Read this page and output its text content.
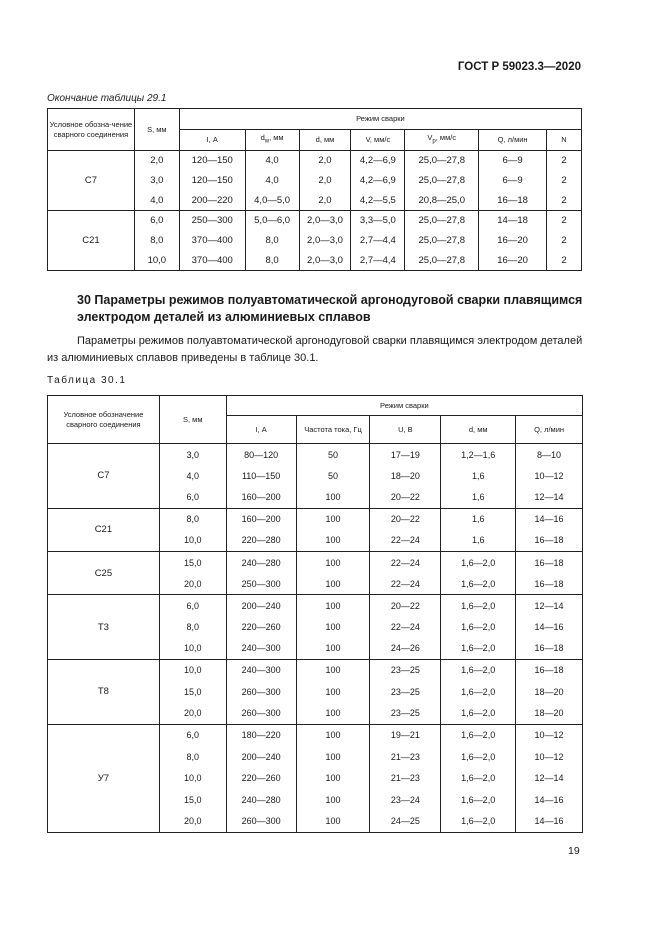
ГОСТ Р 59023.3—2020
Окончание таблицы 29.1
Условное обозна-чение сварного соединения	S, мм	Режим сварки						
		I, А	$d_w$, мм	d, мм	V, мм/с	$V_p$, мм/с	Q, л/мин	N
С7	2,0	120—150	4,0	2,0	4,2—6,9	25,0—27,8	6—9	2
	3,0	120—150	4,0	2,0	4,2—6,9	25,0—27,8	6—9	2
	4,0	200—220	4,0—5,0	2,0	4,2—5,5	20,8—25,0	16—18	2
С21	6,0	250—300	5,0—6,0	2,0—3,0	3,3—5,0	25,0—27,8	14—18	2
	8,0	370—400	8,0	2,0—3,0	2,7—4,4	25,0—27,8	16—20	2
	10,0	370—400	8,0	2,0—3,0	2,7—4,4	25,0—27,8	16—20	2
30 Параметры режимов полуавтоматической аргонодуговой сварки плавящимся электродом деталей из алюминиевых сплавов
Параметры режимов полуавтоматической аргонодуговой сварки плавящимся электродом деталей из алюминиевых сплавов приведены в таблице 30.1.
Таблица 30.1
Условное обозначение сварного соединения	S, мм	Режим сварки				
		I, А	Частота тока, Гц	U, В	d, мм	Q, л/мин
С7	3,0	80—120	50	17—19	1,2—1,6	8—10
	4,0	110—150	50	18—20	1,6	10—12
	6,0	160—200	100	20—22	1,6	12—14
С21	8,0	160—200	100	20—22	1,6	14—16
	10,0	220—280	100	22—24	1,6	16—18
С25	15,0	240—280	100	22—24	1,6—2,0	16—18
	20,0	250—300	100	22—24	1,6—2,0	16—18
Т3	6,0	200—240	100	20—22	1,6—2,0	12—14
	8,0	220—260	100	22—24	1,6—2,0	14—16
	10,0	240—300	100	24—26	1,6—2,0	16—18
Т8	10,0	240—300	100	23—25	1,6—2,0	16—18
	15,0	260—300	100	23—25	1,6—2,0	18—20
	20,0	260—300	100	23—25	1,6—2,0	18—20
У7	6,0	180—220	100	19—21	1,6—2,0	10—12
	8,0	200—240	100	21—23	1,6—2,0	10—12
	10,0	220—260	100	21—23	1,6—2,0	12—14
	15,0	240—280	100	23—24	1,6—2,0	14—16
	20,0	260—300	100	24—25	1,6—2,0	14—16
19
